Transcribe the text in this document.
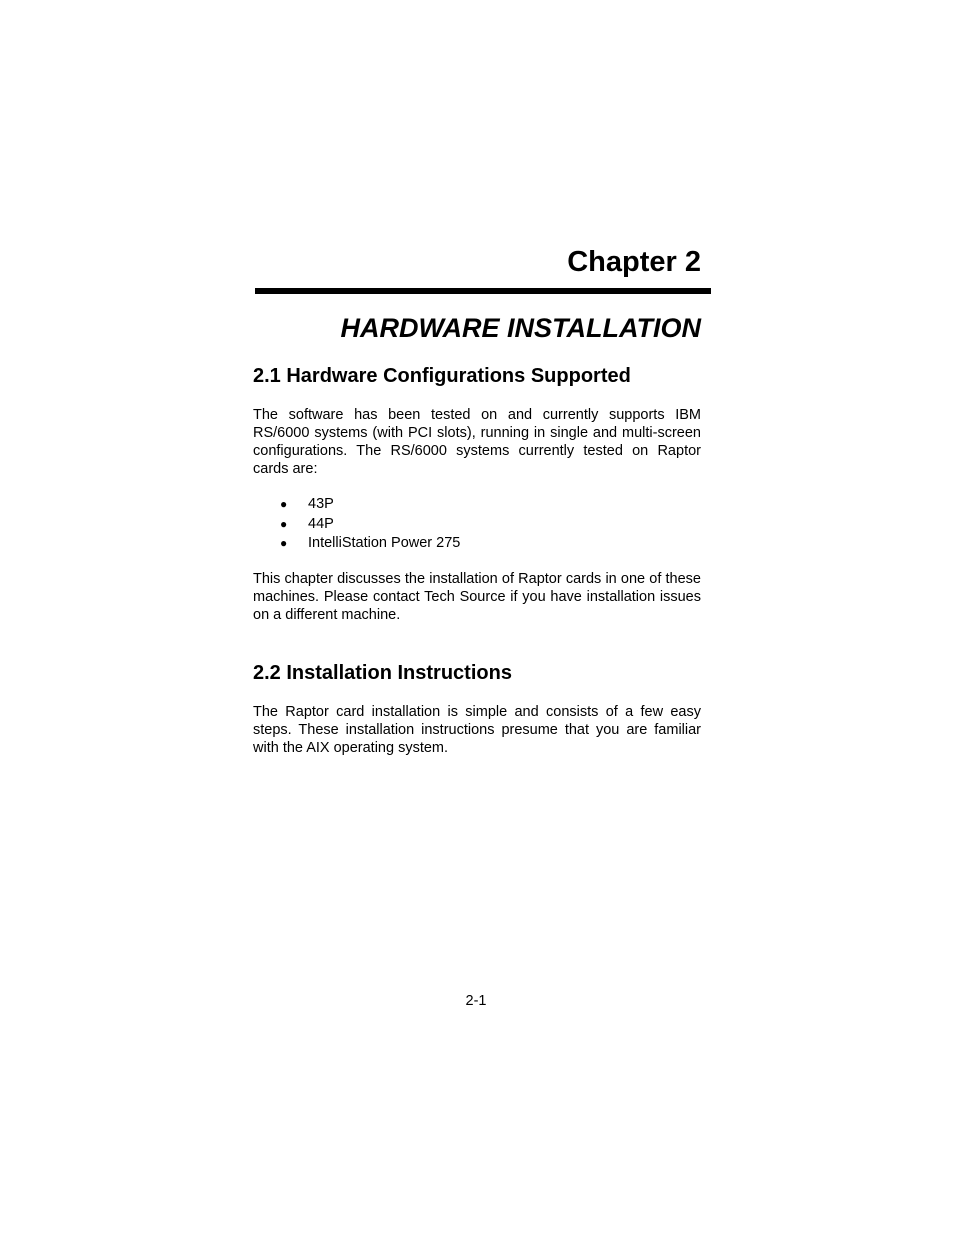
Chapter 2
HARDWARE INSTALLATION
2.1 Hardware Configurations Supported

The software has been tested on and currently supports IBM RS/6000 systems (with PCI slots), running in single and multi-screen configurations. The RS/6000 systems currently tested on Raptor cards are:

● 43P
● 44P
● IntelliStation Power 275

This chapter discusses the installation of Raptor cards in one of these machines. Please contact Tech Source if you have installation issues on a different machine.

2.2 Installation Instructions

The Raptor card installation is simple and consists of a few easy steps. These installation instructions presume that you are familiar with the AIX operating system.

2-1
